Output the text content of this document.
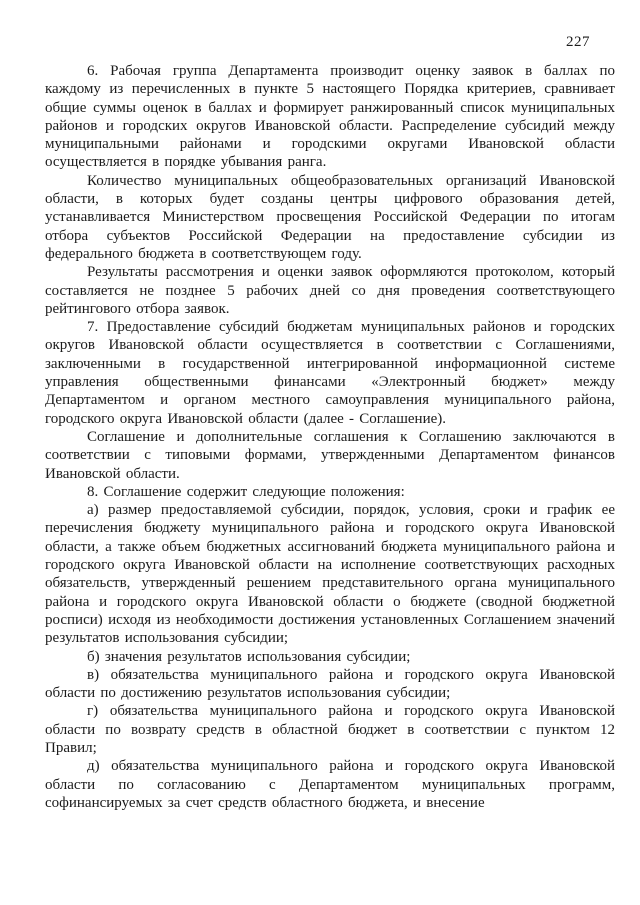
227

6. Рабочая группа Департамента производит оценку заявок в баллах по каждому из перечисленных в пункте 5 настоящего Порядка критериев, сравнивает общие суммы оценок в баллах и формирует ранжированный список муниципальных районов и городских округов Ивановской области. Распределение субсидий между муниципальными районами и городскими округами Ивановской области осуществляется в порядке убывания ранга.

Количество муниципальных общеобразовательных организаций Ивановской области, в которых будет созданы центры цифрового образования детей, устанавливается Министерством просвещения Российской Федерации по итогам отбора субъектов Российской Федерации на предоставление субсидии из федерального бюджета в соответствующем году.

Результаты рассмотрения и оценки заявок оформляются протоколом, который составляется не позднее 5 рабочих дней со дня проведения соответствующего рейтингового отбора заявок.

7. Предоставление субсидий бюджетам муниципальных районов и городских округов Ивановской области осуществляется в соответствии с Соглашениями, заключенными в государственной интегрированной информационной системе управления общественными финансами «Электронный бюджет» между Департаментом и органом местного самоуправления муниципального района, городского округа Ивановской области (далее - Соглашение).

Соглашение и дополнительные соглашения к Соглашению заключаются в соответствии с типовыми формами, утвержденными Департаментом финансов Ивановской области.

8. Соглашение содержит следующие положения:

а) размер предоставляемой субсидии, порядок, условия, сроки и график ее перечисления бюджету муниципального района и городского округа Ивановской области, а также объем бюджетных ассигнований бюджета муниципального района и городского округа Ивановской области на исполнение соответствующих расходных обязательств, утвержденный решением представительного органа муниципального района и городского округа Ивановской области о бюджете (сводной бюджетной росписи) исходя из необходимости достижения установленных Соглашением значений результатов использования субсидии;

б) значения результатов использования субсидии;

в) обязательства муниципального района и городского округа Ивановской области по достижению результатов использования субсидии;

г) обязательства муниципального района и городского округа Ивановской области по возврату средств в областной бюджет в соответствии с пунктом 12 Правил;

д) обязательства муниципального района и городского округа Ивановской области по согласованию с Департаментом муниципальных программ, софинансируемых за счет средств областного бюджета, и внесение
